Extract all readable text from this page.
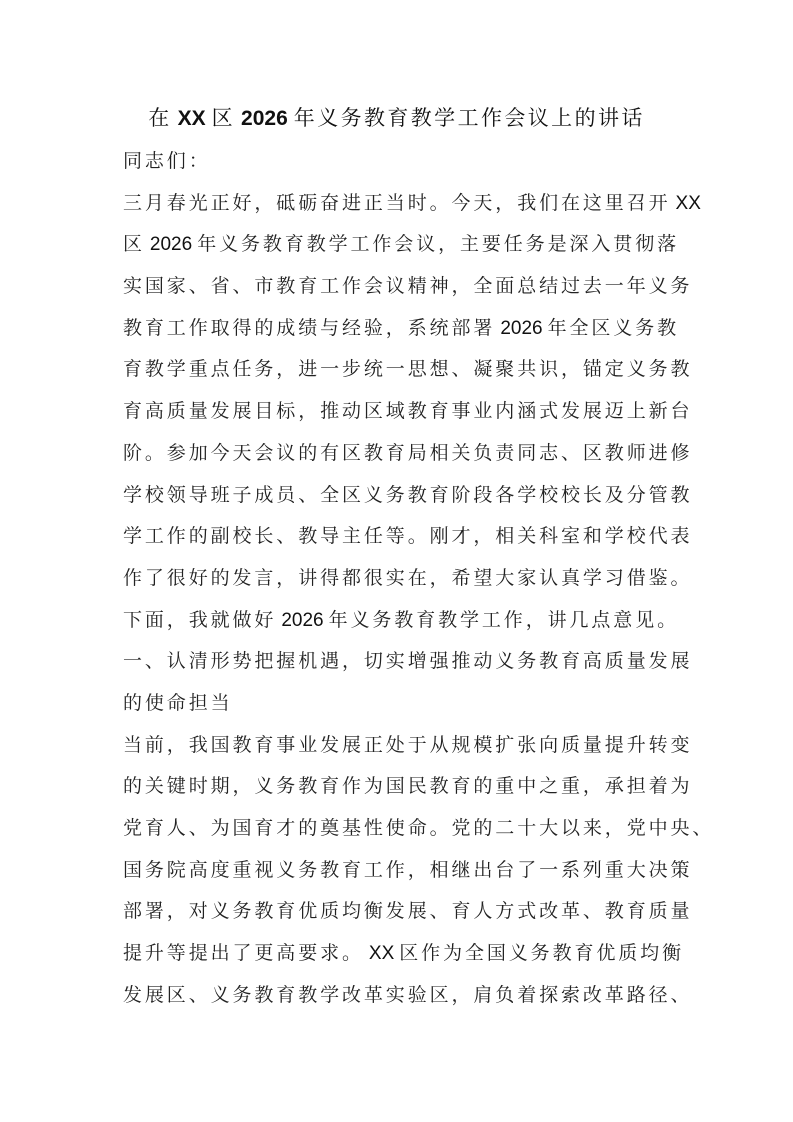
在 XX 区 2026 年义务教育教学工作会议上的讲话
同志们：
三月春光正好，砥砺奋进正当时。今天，我们在这里召开 XX
区 2026 年义务教育教学工作会议，主要任务是深入贯彻落
实国家、省、市教育工作会议精神，全面总结过去一年义务
教育工作取得的成绩与经验，系统部署 2026 年全区义务教
育教学重点任务，进一步统一思想、凝聚共识，锚定义务教
育高质量发展目标，推动区域教育事业内涵式发展迈上新台
阶。参加今天会议的有区教育局相关负责同志、区教师进修
学校领导班子成员、全区义务教育阶段各学校校长及分管教
学工作的副校长、教导主任等。刚才，相关科室和学校代表
作了很好的发言，讲得都很实在，希望大家认真学习借鉴。
下面，我就做好 2026 年义务教育教学工作，讲几点意见。
一、认清形势把握机遇，切实增强推动义务教育高质量发展
的使命担当
当前，我国教育事业发展正处于从规模扩张向质量提升转变
的关键时期，义务教育作为国民教育的重中之重，承担着为
党育人、为国育才的奠基性使命。党的二十大以来，党中央、
国务院高度重视义务教育工作，相继出台了一系列重大决策
部署，对义务教育优质均衡发展、育人方式改革、教育质量
提升等提出了更高要求。 XX 区作为全国义务教育优质均衡
发展区、义务教育教学改革实验区，肩负着探索改革路径、
